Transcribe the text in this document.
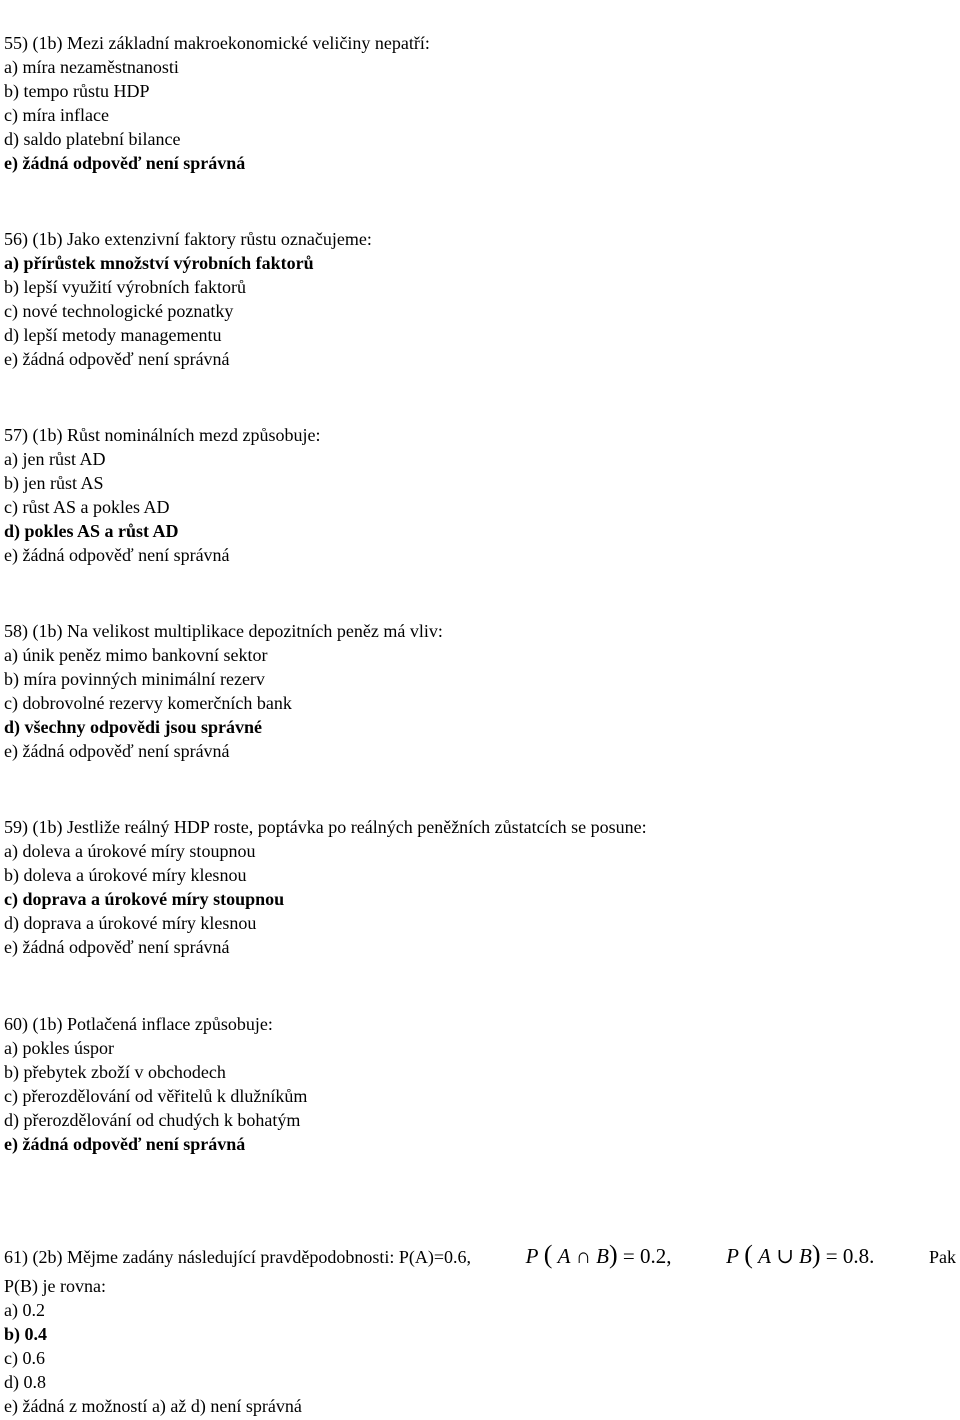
55) (1b) Mezi základní makroekonomické veličiny nepatří:
a) míra nezaměstnanosti
b) tempo růstu HDP
c) míra inflace
d) saldo platební bilance
e) žádná odpověď není správná
56) (1b) Jako extenzivní faktory růstu označujeme:
a) přírůstek množství výrobních faktorů
b) lepší využití výrobních faktorů
c) nové technologické poznatky
d) lepší metody managementu
e) žádná odpověď není správná
57) (1b) Růst nominálních mezd způsobuje:
a) jen růst AD
b) jen růst AS
c) růst AS a pokles AD
d) pokles AS a růst AD
e) žádná odpověď není správná
58) (1b) Na velikost multiplikace depozitních peněz má vliv:
a) únik peněz mimo bankovní sektor
b) míra povinných minimální rezerv
c) dobrovolné rezervy komerčních bank
d) všechny odpovědi jsou správné
e) žádná odpověď není správná
59) (1b) Jestliže reálný HDP roste, poptávka po reálných peněžních zůstatcích se posune:
a) doleva a úrokové míry stoupnou
b) doleva a úrokové míry klesnou
c) doprava a úrokové míry stoupnou
d) doprava a úrokové míry klesnou
e) žádná odpověď není správná
60) (1b) Potlačená inflace způsobuje:
a) pokles úspor
b) přebytek zboží v obchodech
c) přerozdělování od věřitelů k dlužníkům
d) přerozdělování od chudých k bohatým
e) žádná odpověď není správná
61) (2b) Mějme zadány následující pravděpodobnosti: P(A)=0.6,	P ( A ∩ B) = 0.2,	P ( A ∪ B) = 0.8.	Pak
P(B) je rovna:
a) 0.2
b) 0.4
c) 0.6
d) 0.8
e) žádná z možností a) až d) není správná
